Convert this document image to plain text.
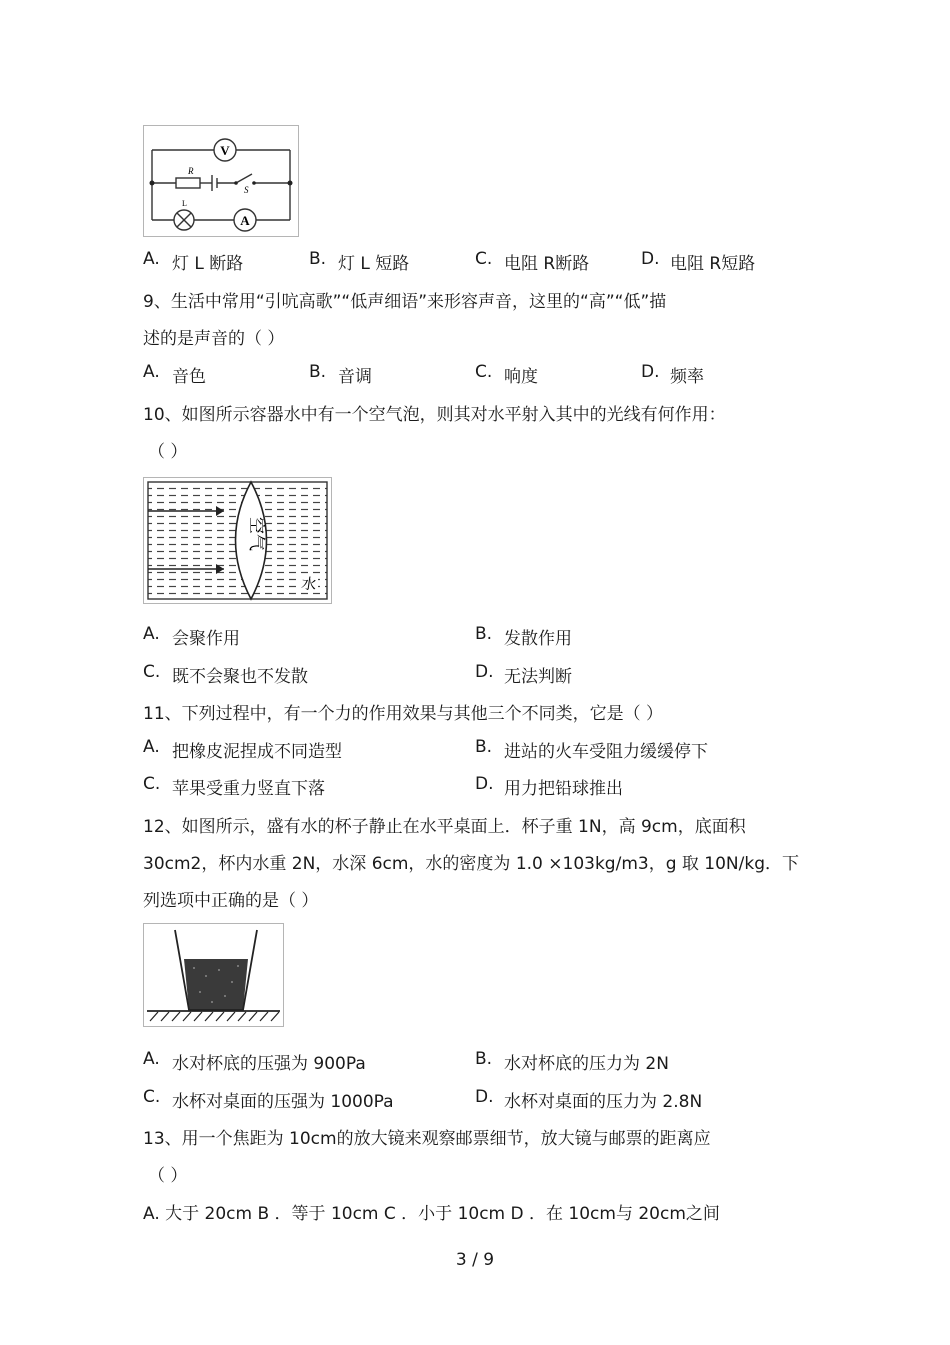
V
A
R
S
L
A. 灯 L 断路	B. 灯 L 短路	C. 电阻 R断路	D. 电阻 R短路
9、生活中常用“引吭高歌”“低声细语”来形容声音，这里的“高”“低”描
述的是声音的（ ）
A. 音色	B. 音调	C. 响度	D. 频率
10、如图所示容器水中有一个空气泡，则其对水平射入其中的光线有何作用：
（ ）
空气
水
A. 会聚作用	B. 发散作用
C. 既不会聚也不发散	D. 无法判断
11、下列过程中，有一个力的作用效果与其他三个不同类，它是（ ）
A. 把橡皮泥捏成不同造型	B. 进站的火车受阻力缓缓停下
C. 苹果受重力竖直下落	D. 用力把铅球推出
12、如图所示，盛有水的杯子静止在水平桌面上．杯子重 1N，高 9cm，底面积
30cm2，杯内水重 2N，水深 6cm，水的密度为 1.0 ×103kg/m3，g 取 10N/kg．下
列选项中正确的是（ ）
A. 水对杯底的压强为 900Pa	B. 水对杯底的压力为 2N
C. 水杯对桌面的压强为 1000Pa	D. 水杯对桌面的压力为 2.8N
13、用一个焦距为 10cm的放大镜来观察邮票细节，放大镜与邮票的距离应
（ ）
A. 大于 20cm B ．等于 10cm C ．小于 10cm D ．在 10cm与 20cm之间
3 / 9
